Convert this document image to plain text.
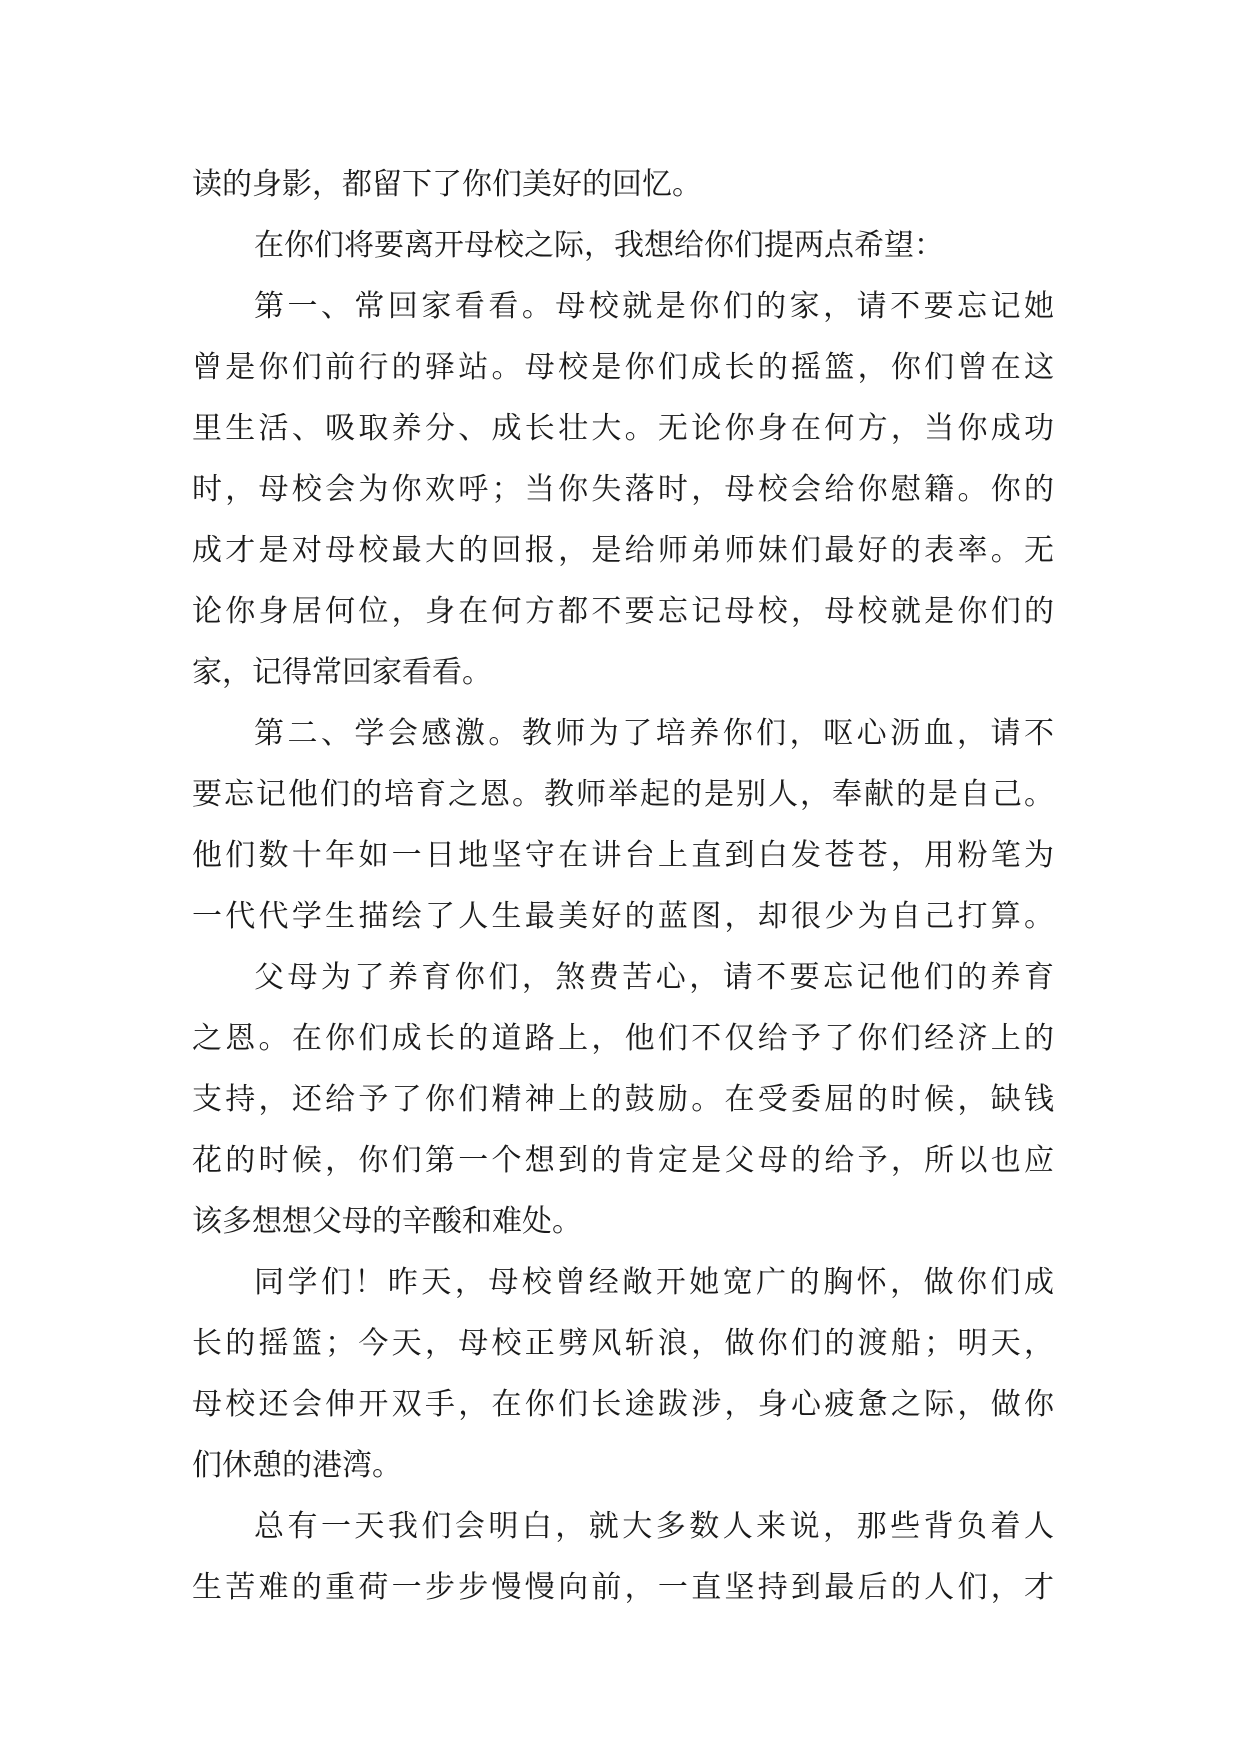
读的身影，都留下了你们美好的回忆。
在你们将要离开母校之际，我想给你们提两点希望：
第一、常回家看看。母校就是你们的家，请不要忘记她
曾是你们前行的驿站。母校是你们成长的摇篮，你们曾在这
里生活、吸取养分、成长壮大。无论你身在何方，当你成功
时，母校会为你欢呼；当你失落时，母校会给你慰籍。你的
成才是对母校最大的回报，是给师弟师妹们最好的表率。无
论你身居何位，身在何方都不要忘记母校，母校就是你们的
家，记得常回家看看。
第二、学会感激。教师为了培养你们，呕心沥血，请不
要忘记他们的培育之恩。教师举起的是别人，奉献的是自己。
他们数十年如一日地坚守在讲台上直到白发苍苍，用粉笔为
一代代学生描绘了人生最美好的蓝图，却很少为自己打算。
父母为了养育你们，煞费苦心，请不要忘记他们的养育
之恩。在你们成长的道路上，他们不仅给予了你们经济上的
支持，还给予了你们精神上的鼓励。在受委屈的时候，缺钱
花的时候，你们第一个想到的肯定是父母的给予，所以也应
该多想想父母的辛酸和难处。
同学们！昨天，母校曾经敞开她宽广的胸怀，做你们成
长的摇篮；今天，母校正劈风斩浪，做你们的渡船；明天，
母校还会伸开双手，在你们长途跋涉，身心疲惫之际，做你
们休憩的港湾。
总有一天我们会明白，就大多数人来说，那些背负着人
生苦难的重荷一步步慢慢向前，一直坚持到最后的人们，才
